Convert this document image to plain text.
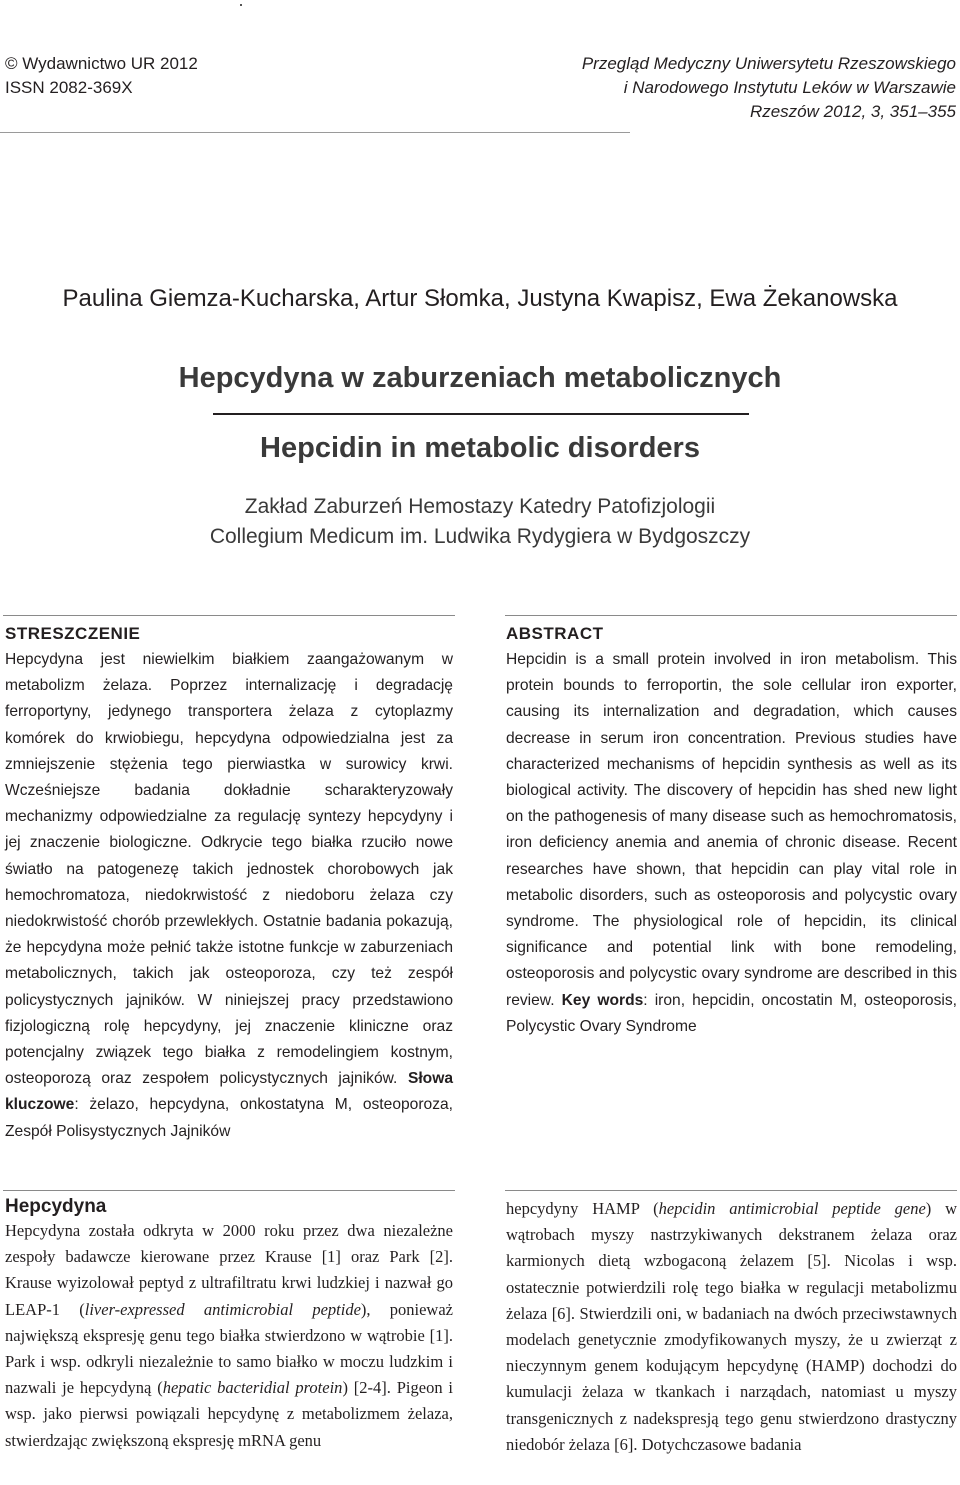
© Wydawnictwo UR 2012
ISSN 2082-369X
Przegląd Medyczny Uniwersytetu Rzeszowskiego
i Narodowego Instytutu Leków w Warszawie
Rzeszów 2012, 3, 351–355
Paulina Giemza-Kucharska, Artur Słomka, Justyna Kwapisz, Ewa Żekanowska
Hepcydyna w zaburzeniach metabolicznych
Hepcidin in metabolic disorders
Zakład Zaburzeń Hemostazy Katedry Patofizjologii
Collegium Medicum im. Ludwika Rydygiera w Bydgoszczy
STRESZCZENIE
Hepcydyna jest niewielkim białkiem zaangażowanym w metabolizm żelaza. Poprzez internalizację i degradację ferroportyny, jedynego transportera żelaza z cytoplazmy komórek do krwiobiegu, hepcydyna odpowiedzialna jest za zmniejszenie stężenia tego pierwiastka w surowicy krwi. Wcześniejsze badania dokładnie scharakteryzowały mechanizmy odpowiedzialne za regulację syntezy hepcydyny i jej znaczenie biologiczne. Odkrycie tego białka rzuciło nowe światło na patogenezę takich jednostek chorobowych jak hemochromatoza, niedokrwistość z niedoboru żelaza czy niedokrwistość chorób przewlekłych. Ostatnie badania pokazują, że hepcydyna może pełnić także istotne funkcje w zaburzeniach metabolicznych, takich jak osteoporoza, czy też zespół policystycznych jajników. W niniejszej pracy przedstawiono fizjologiczną rolę hepcydyny, jej znaczenie kliniczne oraz potencjalny związek tego białka z remodelingiem kostnym, osteoporozą oraz zespołem policystycznych jajników. Słowa kluczowe: żelazo, hepcydyna, onkostatyna M, osteoporoza, Zespół Polisystycznych Jajników
ABSTRACT
Hepcidin is a small protein involved in iron metabolism. This protein bounds to ferroportin, the sole cellular iron exporter, causing its internalization and degradation, which causes decrease in serum iron concentration. Previous studies have characterized mechanisms of hepcidin synthesis as well as its biological activity. The discovery of hepcidin has shed new light on the pathogenesis of many disease such as hemochromatosis, iron deficiency anemia and anemia of chronic disease. Recent researches have shown, that hepcidin can play vital role in metabolic disorders, such as osteoporosis and polycystic ovary syndrome. The physiological role of hepcidin, its clinical significance and potential link with bone remodeling, osteoporosis and polycystic ovary syndrome are described in this review. Key words: iron, hepcidin, oncostatin M, osteoporosis, Polycystic Ovary Syndrome
Hepcydyna
Hepcydyna została odkryta w 2000 roku przez dwa niezależne zespoły badawcze kierowane przez Krause [1] oraz Park [2]. Krause wyizolował peptyd z ultrafiltratu krwi ludzkiej i nazwał go LEAP-1 (liver-expressed antimicrobial peptide), ponieważ największą ekspresję genu tego białka stwierdzono w wątrobie [1]. Park i wsp. odkryli niezależnie to samo białko w moczu ludzkim i nazwali je hepcydyną (hepatic bacteridial protein) [2-4]. Pigeon i wsp. jako pierwsi powiązali hepcydynę z metabolizmem żelaza, stwierdzając zwiększoną ekspresję mRNA genu
hepcydyny HAMP (hepcidin antimicrobial peptide gene) w wątrobach myszy nastrzykiwanych dekstranem żelaza oraz karmionych dietą wzbogaconą żelazem [5]. Nicolas i wsp. ostatecznie potwierdzili rolę tego białka w regulacji metabolizmu żelaza [6]. Stwierdzili oni, w badaniach na dwóch przeciwstawnych modelach genetycznie zmodyfikowanych myszy, że u zwierząt z nieczynnym genem kodującym hepcydynę (HAMP) dochodzi do kumulacji żelaza w tkankach i narządach, natomiast u myszy transgenicznych z nadekspresją tego genu stwierdzono drastyczny niedobór żelaza [6]. Dotychczasowe badania
